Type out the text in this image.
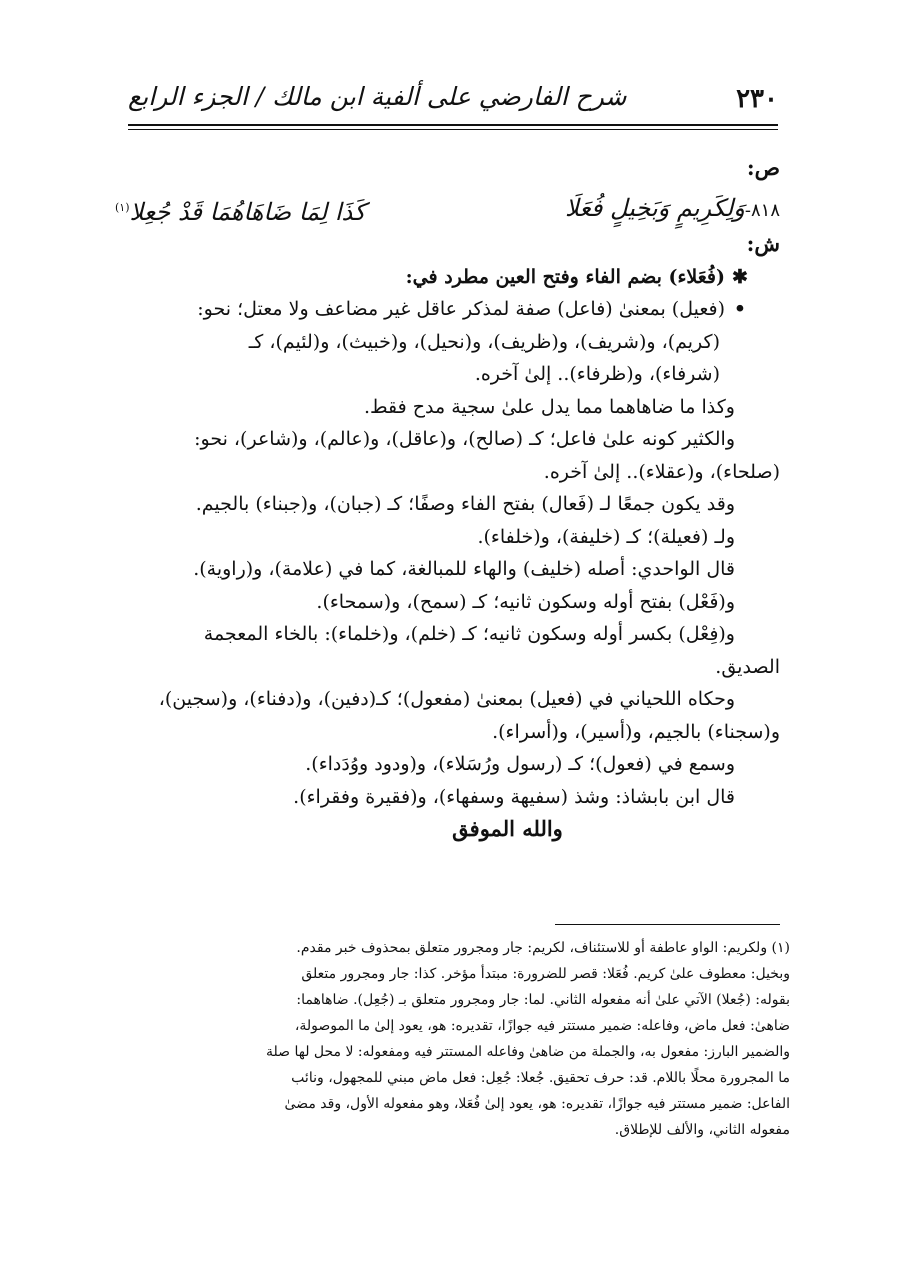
٢٣٠
شرح الفارضي على ألفية ابن مالك / الجزء الرابع
ص:
٨١٨-وَلِكَرِيمٍ وَبَخِيلٍ فُعَلَا
كَذَا لِمَا ضَاهَاهُمَا قَدْ جُعِلا$^{(١)}$
ش:
✱(فُعَلاء) بضم الفاء وفتح العين مطرد في:
•(فعيل) بمعنىٰ (فاعل) صفة لمذكر عاقل غير مضاعف ولا معتل؛ نحو:
(كريم)، و(شريف)، و(ظريف)، و(نحيل)، و(خبيث)، و(لئيم)، كـ
(شرفاء)، و(ظرفاء).. إلىٰ آخره.
وكذا ما ضاهاهما مما يدل علىٰ سجية مدح فقط.
والكثير كونه علىٰ فاعل؛ كـ (صالح)، و(عاقل)، و(عالم)، و(شاعر)، نحو:
(صلحاء)، و(عقلاء).. إلىٰ آخره.
وقد يكون جمعًا لـ (فَعال) بفتح الفاء وصفًا؛ كـ (جبان)، و(جبناء) بالجيم.
ولـ (فعيلة)؛ كـ (خليفة)، و(خلفاء).
قال الواحدي: أصله (خليف) والهاء للمبالغة، كما في (علامة)، و(راوية).
و(فَعْل) بفتح أوله وسكون ثانيه؛ كـ (سمح)، و(سمحاء).
و(فِعْل) بكسر أوله وسكون ثانيه؛ كـ (خلم)، و(خلماء): بالخاء المعجمة
الصديق.
وحكاه اللحياني في (فعيل) بمعنىٰ (مفعول)؛ كـ(دفين)، و(دفناء)، و(سجين)،
و(سجناء) بالجيم، و(أسير)، و(أسراء).
وسمع في (فعول)؛ كـ (رسول ورُسَلاء)، و(ودود ووُدَداء).
قال ابن بابشاذ: وشذ (سفيهة وسفهاء)، و(فقيرة وفقراء).
والله الموفق
(١) ولكريم: الواو عاطفة أو للاستئناف، لكريم: جار ومجرور متعلق بمحذوف خبر مقدم.
وبخيل: معطوف علىٰ كريم. فُعَلا: قصر للضرورة: مبتدأ مؤخر. كذا: جار ومجرور متعلق
بقوله: (جُعلا) الآتي علىٰ أنه مفعوله الثاني. لما: جار ومجرور متعلق بـ (جُعِل). ضاهاهما:
ضاهىٰ: فعل ماض، وفاعله: ضمير مستتر فيه جوازًا، تقديره: هو، يعود إلىٰ ما الموصولة،
والضمير البارز: مفعول به، والجملة من ضاهىٰ وفاعله المستتر فيه ومفعوله: لا محل لها صلة
ما المجرورة محلًا باللام. قد: حرف تحقيق. جُعلا: جُعِل: فعل ماض مبني للمجهول، ونائب
الفاعل: ضمير مستتر فيه جوازًا، تقديره: هو، يعود إلىٰ فُعَلا، وهو مفعوله الأول، وقد مضىٰ
مفعوله الثاني، والألف للإطلاق.
